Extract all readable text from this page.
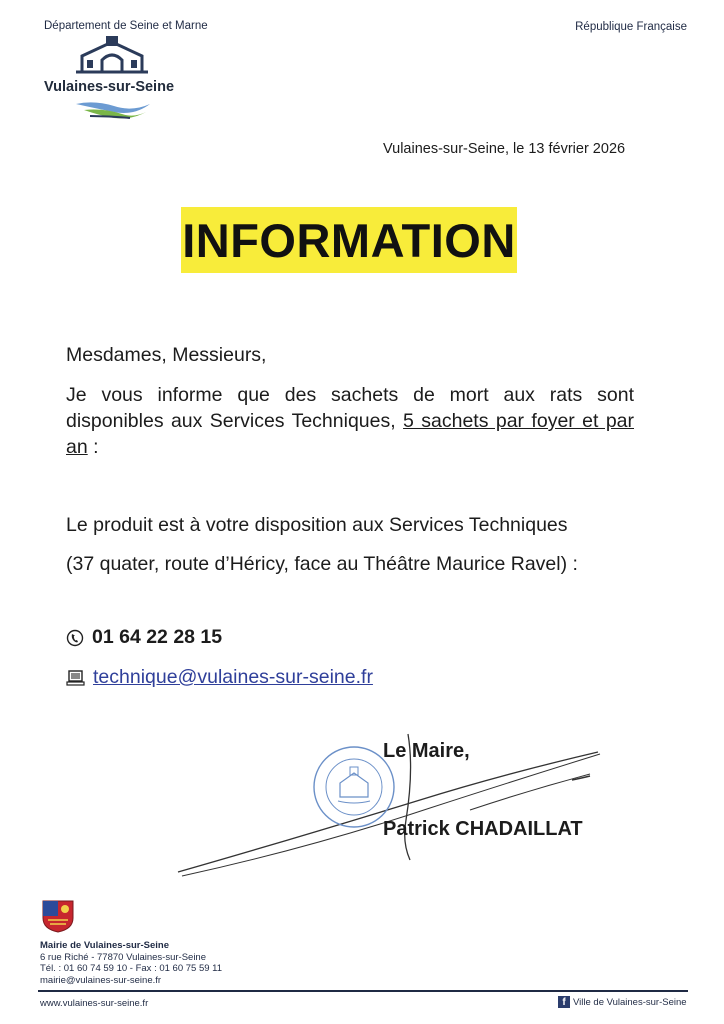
Département de Seine et Marne	République Française
Vulaines-sur-Seine
Vulaines-sur-Seine, le 13 février 2026
INFORMATION
Mesdames, Messieurs,
Je vous informe que des sachets de mort aux rats sont disponibles aux Services Techniques, 5 sachets par foyer et par an :
Le produit est à votre disposition aux Services Techniques
(37 quater, route d’Héricy, face au Théâtre Maurice Ravel) :
01 64 22 28 15
technique@vulaines-sur-seine.fr
Le Maire,
Patrick CHADAILLAT
Mairie de Vulaines-sur-Seine
6 rue Riché - 77870 Vulaines-sur-Seine
Tél. : 01 60 74 59 10 - Fax : 01 60 75 59 11
mairie@vulaines-sur-seine.fr
www.vulaines-sur-seine.fr	f Ville de Vulaines-sur-Seine
